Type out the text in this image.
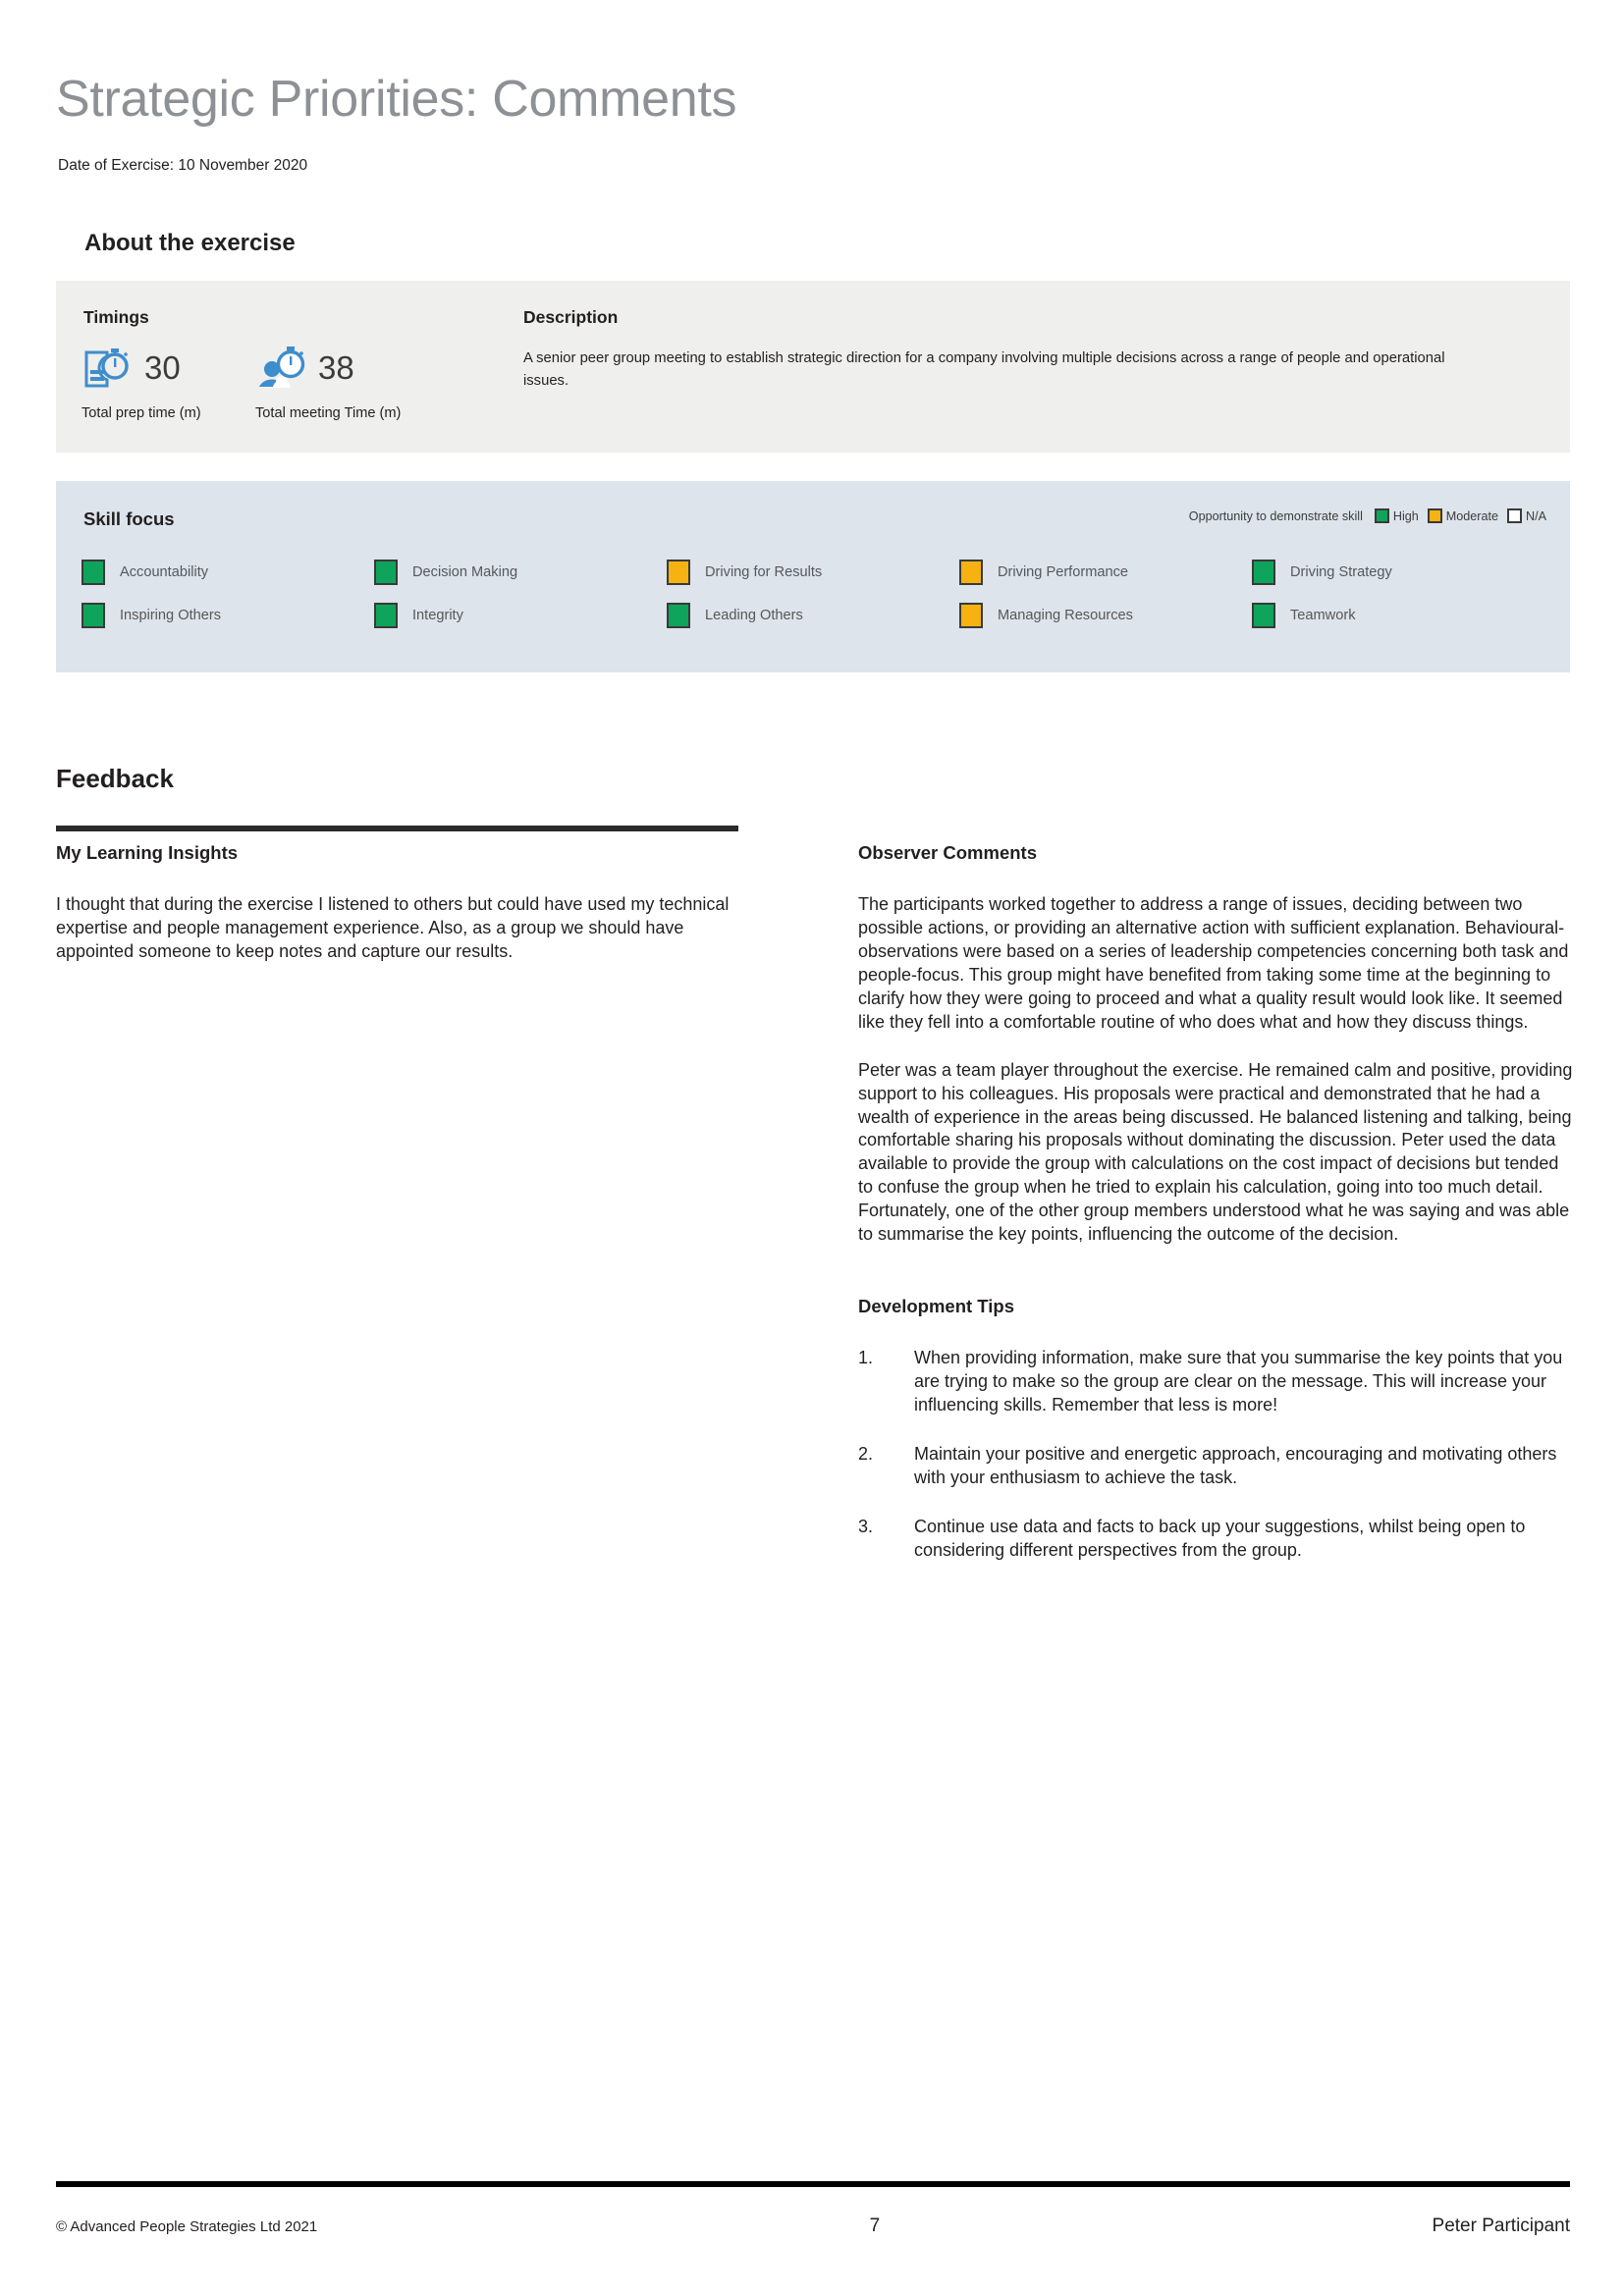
Strategic Priorities: Comments
Date of Exercise: 10 November 2020
About the exercise
Timings	Description
A senior peer group meeting to establish strategic direction for a company involving multiple decisions across a range of people and operational issues.
30
Total prep time (m)
38
Total meeting Time (m)
Skill focus	Opportunity to demonstrate skill High Moderate N/A
Accountability	Decision Making	Driving for Results	Driving Performance	Driving Strategy
Inspiring Others	Integrity	Leading Others	Managing Resources	Teamwork
Feedback
My Learning Insights
I thought that during the exercise I listened to others but could have used my technical expertise and people management experience. Also, as a group we should have appointed someone to keep notes and capture our results.
Observer Comments
The participants worked together to address a range of issues, deciding between two possible actions, or providing an alternative action with sufficient explanation. Behavioural-observations were based on a series of leadership competencies concerning both task and people-focus. This group might have benefited from taking some time at the beginning to clarify how they were going to proceed and what a quality result would look like. It seemed like they fell into a comfortable routine of who does what and how they discuss things.
Peter was a team player throughout the exercise. He remained calm and positive, providing support to his colleagues. His proposals were practical and demonstrated that he had a wealth of experience in the areas being discussed. He balanced listening and talking, being comfortable sharing his proposals without dominating the discussion. Peter used the data available to provide the group with calculations on the cost impact of decisions but tended to confuse the group when he tried to explain his calculation, going into too much detail. Fortunately, one of the other group members understood what he was saying and was able to summarise the key points, influencing the outcome of the decision.
Development Tips
1.	When providing information, make sure that you summarise the key points that you are trying to make so the group are clear on the message. This will increase your influencing skills. Remember that less is more!
2.	Maintain your positive and energetic approach, encouraging and motivating others with your enthusiasm to achieve the task.
3.	Continue use data and facts to back up your suggestions, whilst being open to considering different perspectives from the group.
© Advanced People Strategies Ltd 2021	7	Peter Participant
